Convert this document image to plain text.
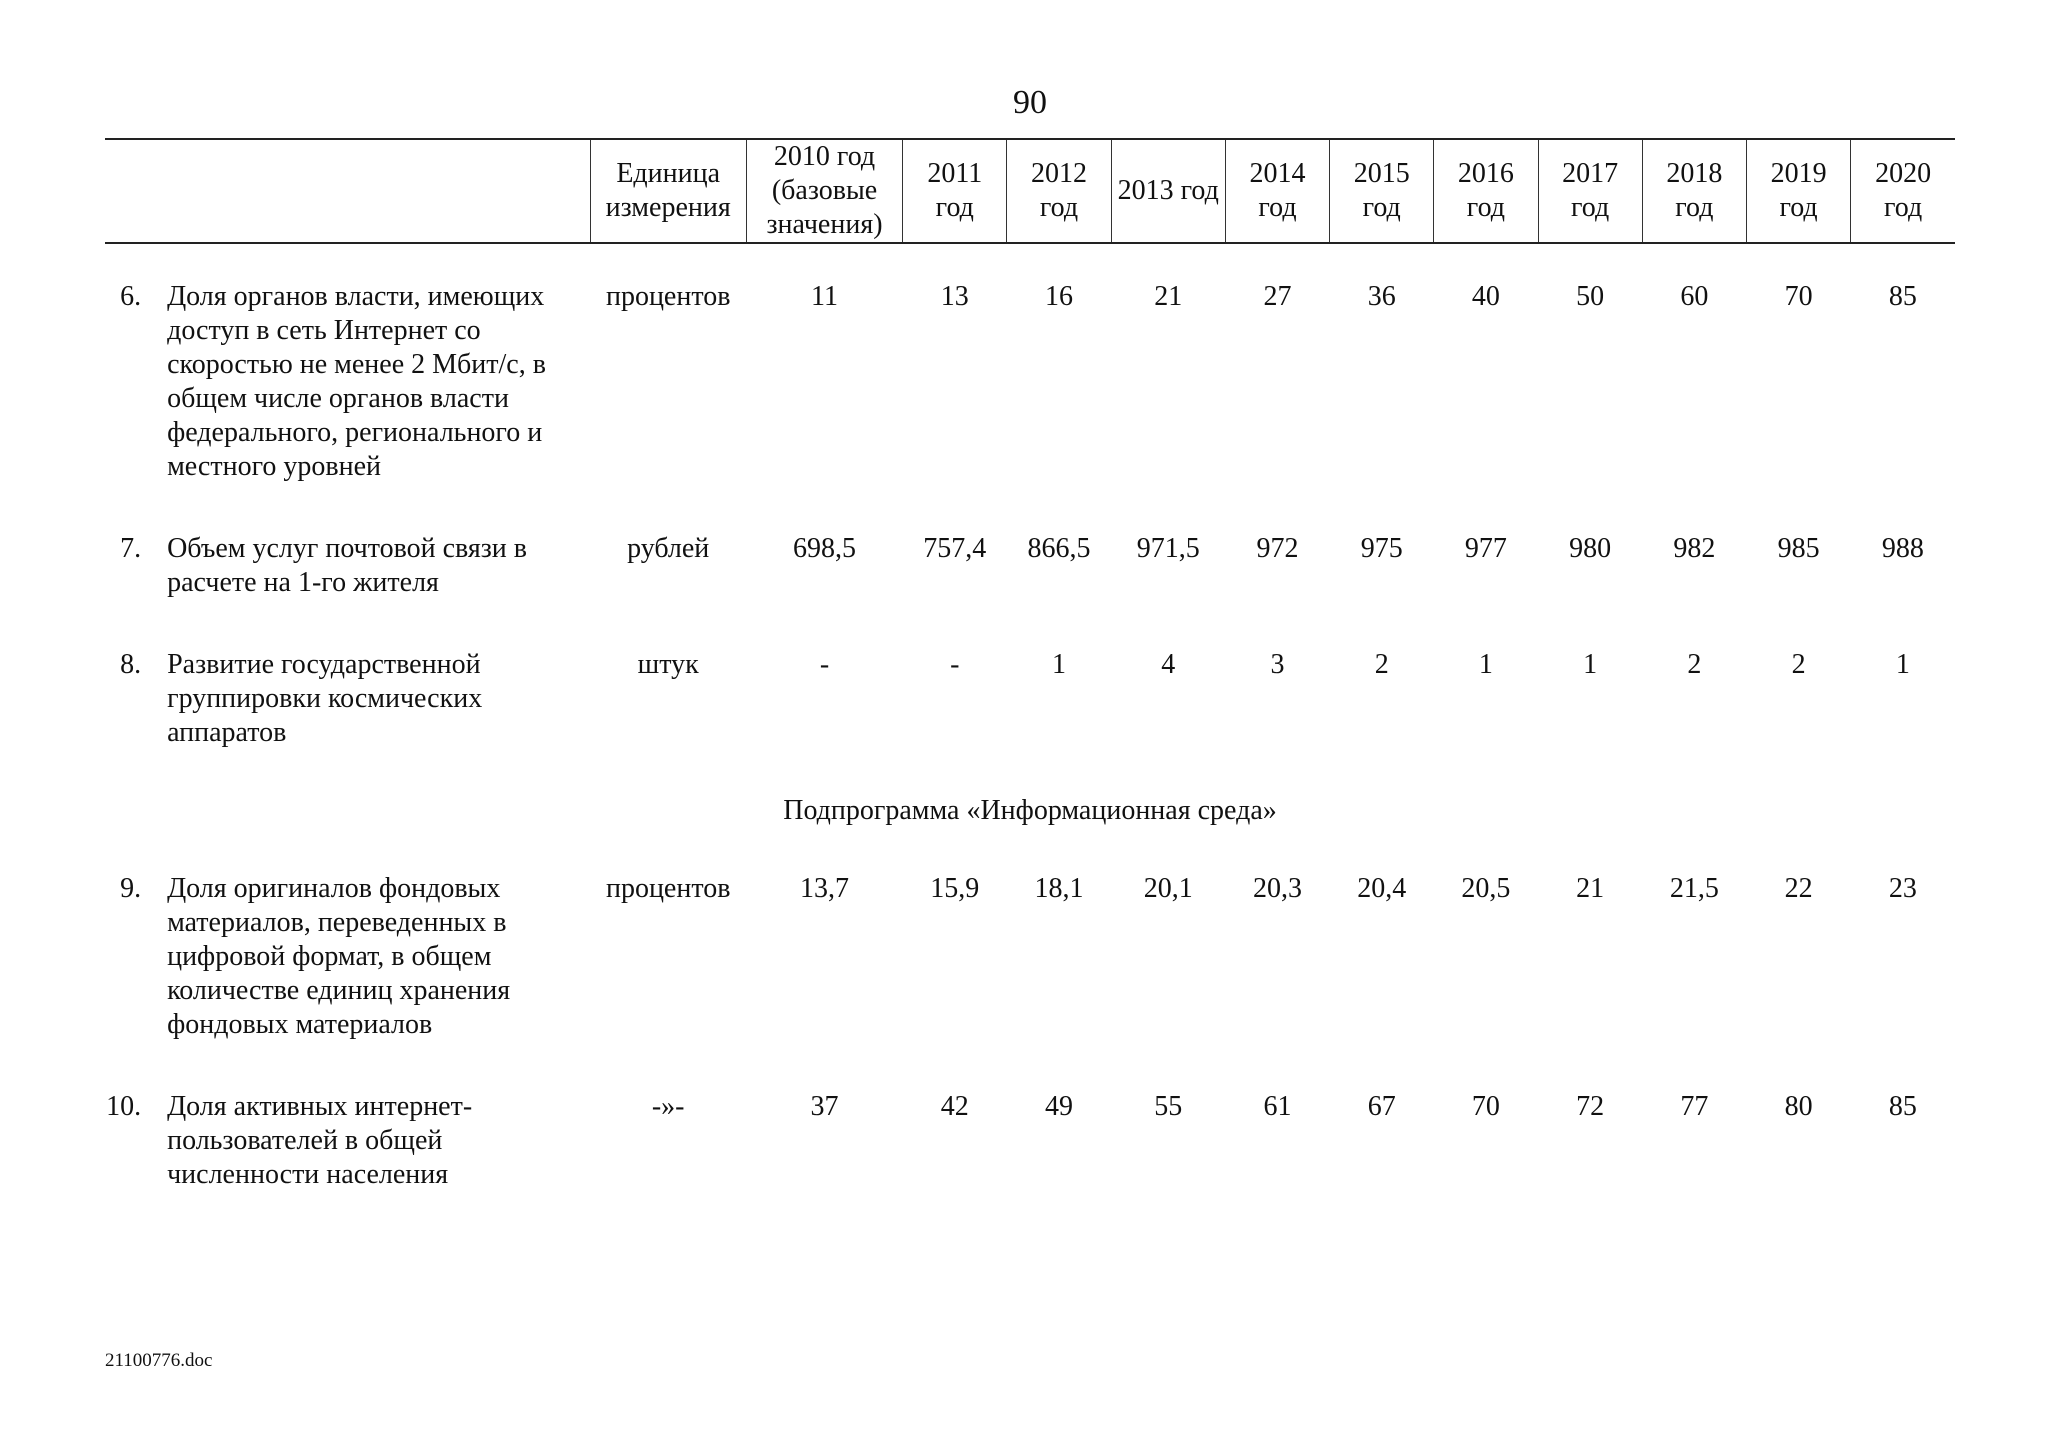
90
		Единица измерения	2010 год (базовые значения)	2011 год	2012 год	2013 год	2014 год	2015 год	2016 год	2017 год	2018 год	2019 год	2020 год

6.	Доля органов власти, имеющих доступ в сеть Интернет со скоростью не менее 2 Мбит/с, в общем числе органов власти федерального, регионального и местного уровней	процентов	11	13	16	21	27	36	40	50	60	70	85

7.	Объем услуг почтовой связи в расчете на 1-го жителя	рублей	698,5	757,4	866,5	971,5	972	975	977	980	982	985	988

8.	Развитие государственной группировки космических аппаратов	штук	-	-	1	4	3	2	1	1	2	2	1

Подпрограмма «Информационная среда»													

9.	Доля оригиналов фондовых материалов, переведенных в цифровой формат, в общем количестве единиц хранения фондовых материалов	процентов	13,7	15,9	18,1	20,1	20,3	20,4	20,5	21	21,5	22	23

10.	Доля активных интернет-пользователей в общей численности населения	-»-	37	42	49	55	61	67	70	72	77	80	85
21100776.doc
